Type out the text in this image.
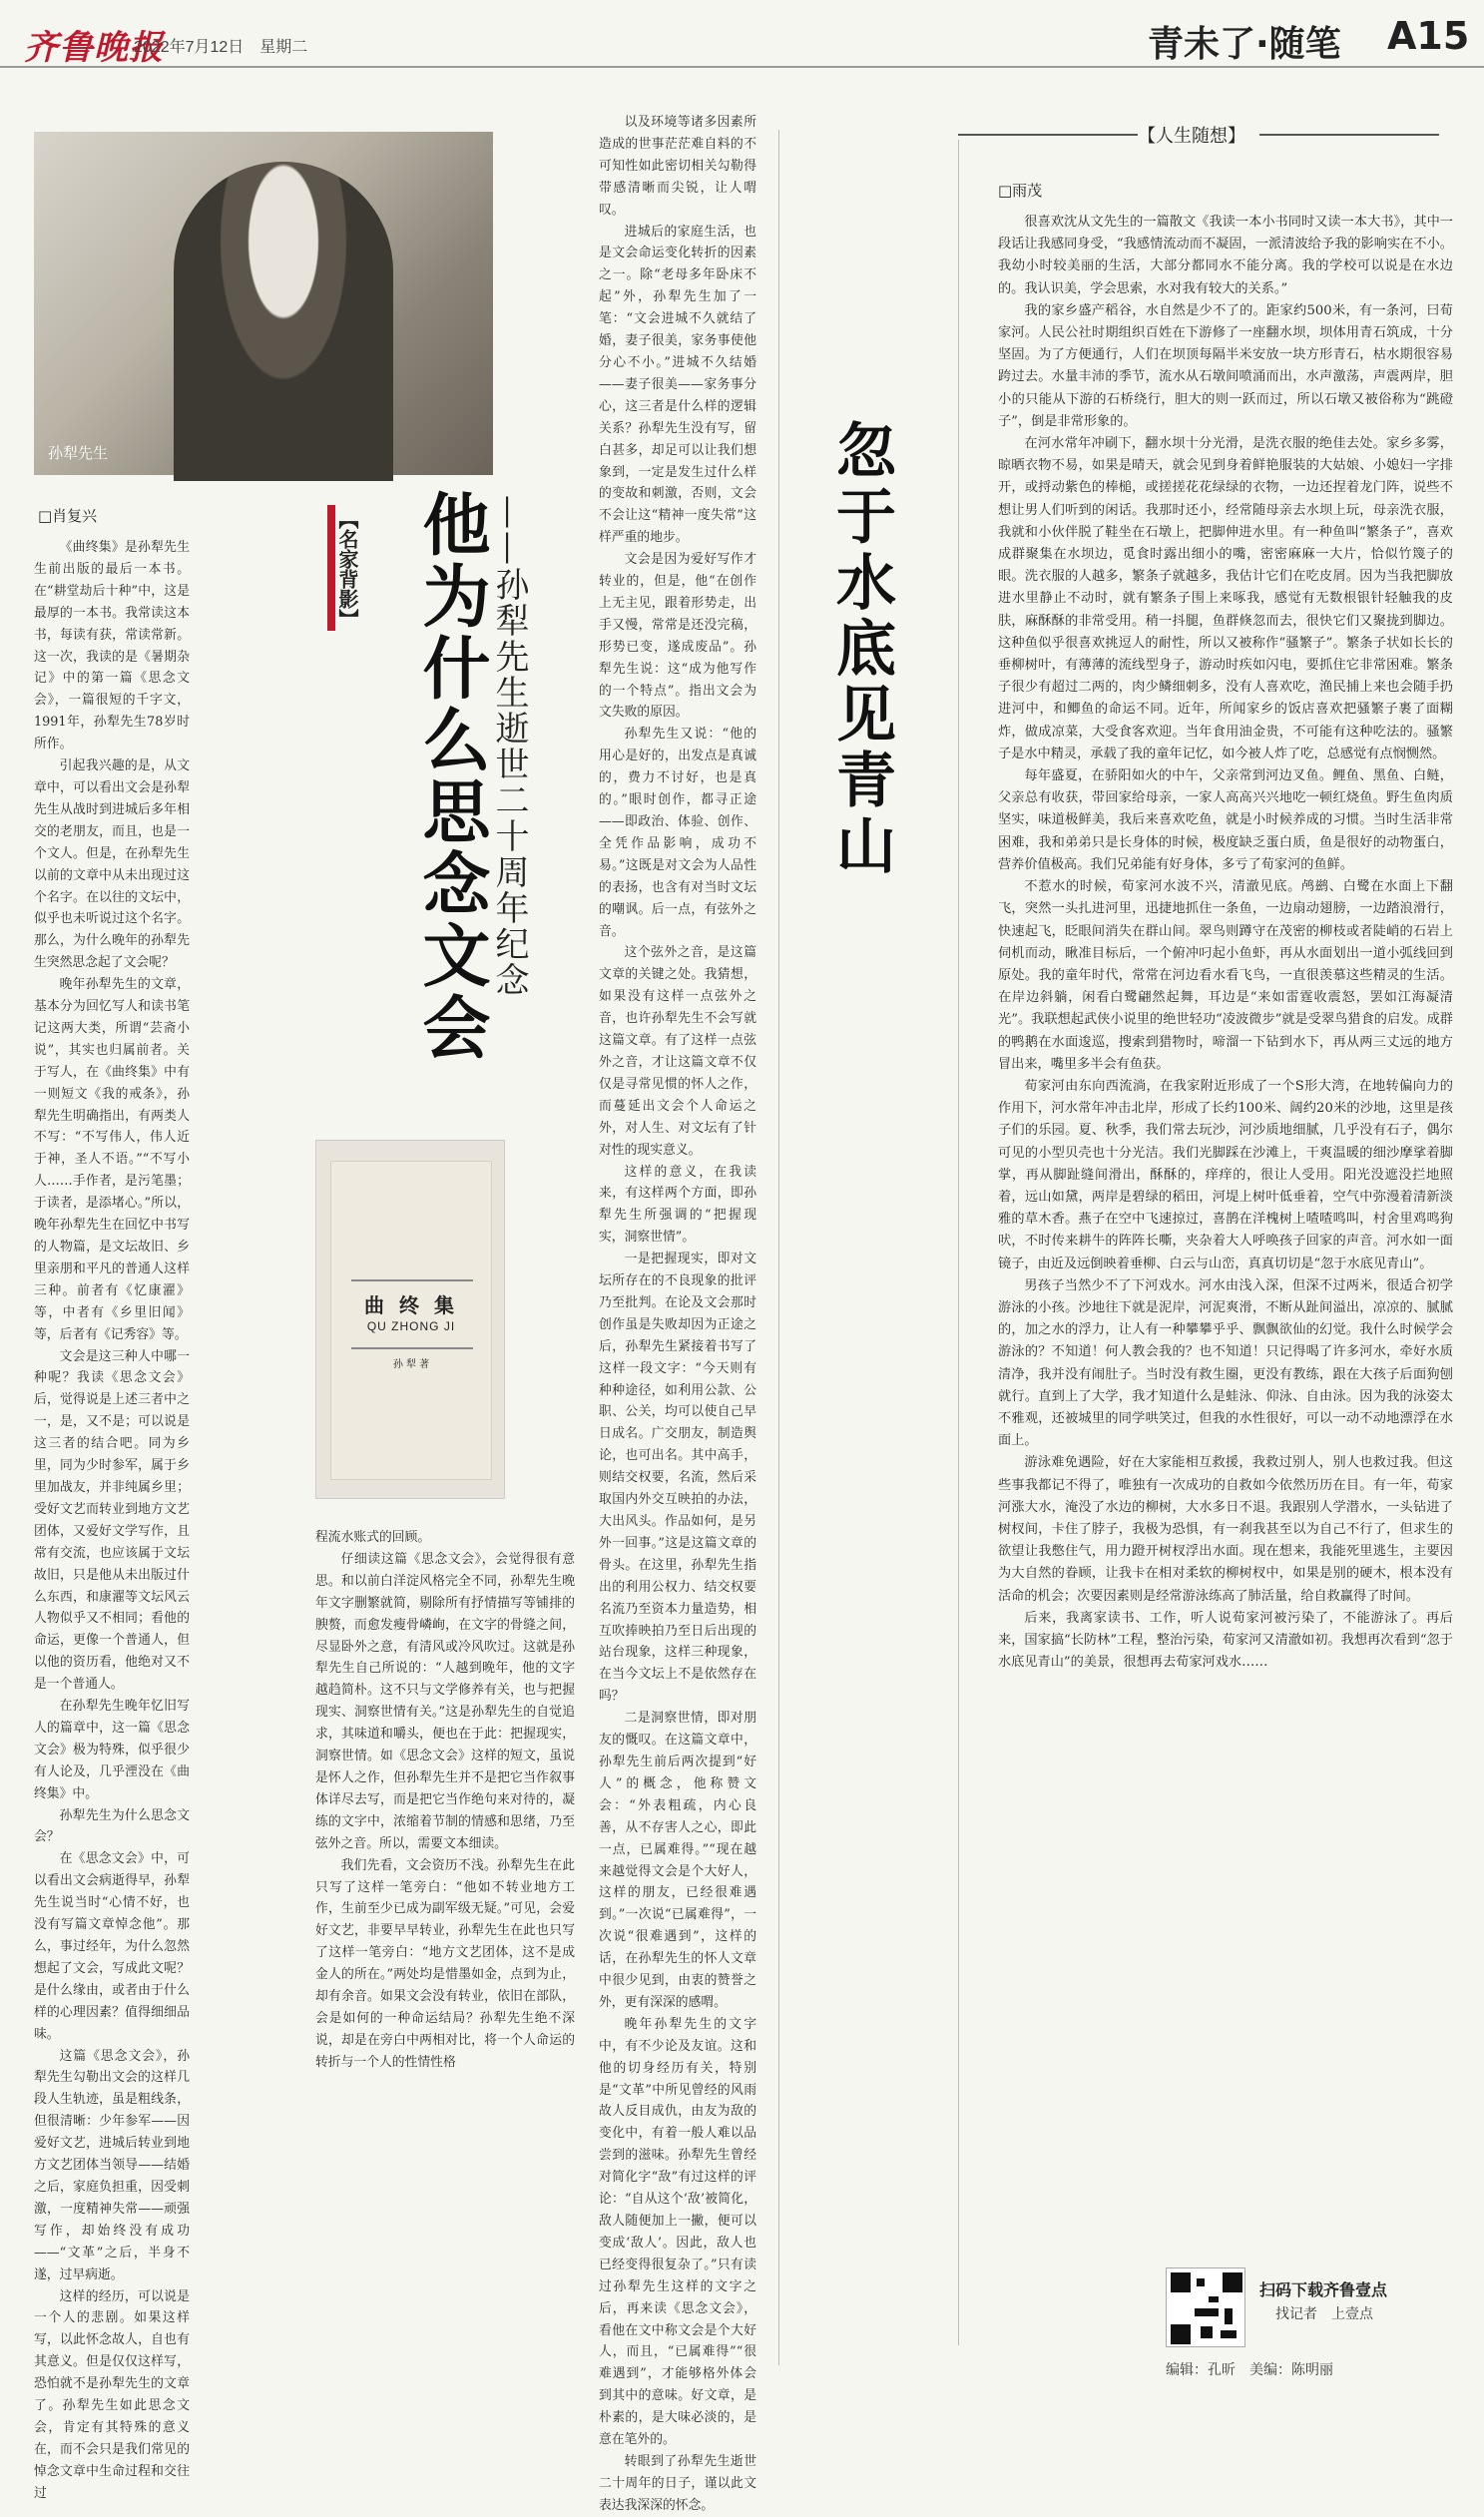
齐鲁晚报
2022年7月12日　星期二	青未了·随笔 A15
孙犁先生
□肖复兴

《曲终集》是孙犁先生生前出版的最后一本书。在“耕堂劫后十种”中，这是最厚的一本书。我常读这本书，每读有获，常读常新。这一次，我读的是《暑期杂记》中的第一篇《思念文会》，一篇很短的千字文，1991年，孙犁先生78岁时所作。

引起我兴趣的是，从文章中，可以看出文会是孙犁先生从战时到进城后多年相交的老朋友，而且，也是一个文人。但是，在孙犁先生以前的文章中从未出现过这个名字。在以往的文坛中，似乎也未听说过这个名字。那么，为什么晚年的孙犁先生突然思念起了文会呢？

晚年孙犁先生的文章，基本分为回忆写人和读书笔记这两大类，所谓“芸斋小说”，其实也归属前者。关于写人，在《曲终集》中有一则短文《我的戒条》，孙犁先生明确指出，有两类人不写：“不写伟人，伟人近于神，圣人不语。”“不写小人……手作者，是污笔墨；于读者，是添堵心。”所以，晚年孙犁先生在回忆中书写的人物篇，是文坛故旧、乡里亲朋和平凡的普通人这样三种。前者有《忆康濯》等，中者有《乡里旧闻》等，后者有《记秀容》等。

文会是这三种人中哪一种呢？我读《思念文会》后，觉得说是上述三者中之一，是，又不是；可以说是这三者的结合吧。同为乡里，同为少时参军，属于乡里加战友，并非纯属乡里；受好文艺而转业到地方文艺团体，又爱好文学写作，且常有交流，也应该属于文坛故旧，只是他从未出版过什么东西，和康濯等文坛风云人物似乎又不相同；看他的命运，更像一个普通人，但以他的资历看，他绝对又不是一个普通人。

在孙犁先生晚年忆旧写人的篇章中，这一篇《思念文会》极为特殊，似乎很少有人论及，几乎湮没在《曲终集》中。

孙犁先生为什么思念文会？

在《思念文会》中，可以看出文会病逝得早，孙犁先生说当时“心情不好，也没有写篇文章悼念他”。那么，事过经年，为什么忽然想起了文会，写成此文呢？是什么缘由，或者由于什么样的心理因素？值得细细品味。

这篇《思念文会》，孙犁先生勾勒出文会的这样几段人生轨迹，虽是粗线条，但很清晰：少年参军——因爱好文艺，进城后转业到地方文艺团体当领导——结婚之后，家庭负担重，因受刺激，一度精神失常——顽强写作，却始终没有成功——“文革”之后，半身不遂，过早病逝。

这样的经历，可以说是一个人的悲剧。如果这样写，以此怀念故人，自也有其意义。但是仅仅这样写，恐怕就不是孙犁先生的文章了。孙犁先生如此思念文会，肯定有其特殊的意义在，而不会只是我们常见的悼念文章中生命过程和交往过

【名家背影】 他为什么思念文会
——孙犁先生逝世二十周年纪念
曲 终 集
QU ZHONG JI
孙 犁 著

程流水账式的回顾。

仔细读这篇《思念文会》，会觉得很有意思。和以前白洋淀风格完全不同，孙犁先生晚年文字删繁就简，剔除所有抒情描写等铺排的腴赘，而愈发瘦骨嶙峋，在文字的骨缝之间，尽显卧外之意，有清风或冷风吹过。这就是孙犁先生自己所说的：“人越到晚年，他的文字越趋简朴。这不只与文学修养有关，也与把握现实、洞察世情有关。”这是孙犁先生的自觉追求，其味道和嚼头，便也在于此：把握现实，洞察世情。如《思念文会》这样的短文，虽说是怀人之作，但孙犁先生并不是把它当作叙事体详尽去写，而是把它当作绝句来对待的，凝练的文字中，浓缩着节制的情感和思绪，乃至弦外之音。所以，需要文本细读。

我们先看，文会资历不浅。孙犁先生在此只写了这样一笔旁白：“他如不转业地方工作，生前至少已成为副军级无疑。”可见，会爱好文艺，非要早早转业，孙犁先生在此也只写了这样一笔旁白：“地方文艺团体，这不是成金人的所在。”两处均是惜墨如金，点到为止，却有余音。如果文会没有转业，依旧在部队，会是如何的一种命运结局？孙犁先生绝不深说，却是在旁白中两相对比，将一个人命运的转折与一个人的性情性格

以及环境等诸多因素所造成的世事茫茫难自料的不可知性如此密切相关勾勒得带感清晰而尖锐，让人喟叹。

进城后的家庭生活，也是文会命运变化转折的因素之一。除“老母多年卧床不起”外，孙犁先生加了一笔：“文会进城不久就结了婚，妻子很美，家务事使他分心不小。”进城不久结婚——妻子很美——家务事分心，这三者是什么样的逻辑关系？孙犁先生没有写，留白甚多，却足可以让我们想象到，一定是发生过什么样的变故和刺激，否则，文会不会让这“精神一度失常”这样严重的地步。

文会是因为爱好写作才转业的，但是，他“在创作上无主见，跟着形势走，出手又慢，常常是还没完稿，形势已变，遂成废品”。孙犁先生说：这“成为他写作的一个特点”。指出文会为文失败的原因。

孙犁先生又说：“他的用心是好的，出发点是真诚的，费力不讨好，也是真的。”眼时创作，都寻正途——即政治、体验、创作、全凭作品影响，成功不易。”这既是对文会为人品性的表扬，也含有对当时文坛的嘲讽。后一点，有弦外之音。

这个弦外之音，是这篇文章的关键之处。我猜想，如果没有这样一点弦外之音，也许孙犁先生不会写就这篇文章。有了这样一点弦外之音，才让这篇文章不仅仅是寻常见惯的怀人之作，而蔓延出文会个人命运之外，对人生、对文坛有了针对性的现实意义。

这样的意义，在我读来，有这样两个方面，即孙犁先生所强调的“把握现实，洞察世情”。

一是把握现实，即对文坛所存在的不良现象的批评乃至批判。在论及文会那时创作虽是失败却因为正途之后，孙犁先生紧接着书写了这样一段文字：“今天则有种种途径，如利用公款、公职、公关，均可以使自己早日成名。广交朋友，制造舆论，也可出名。其中高手，则结交权要，名流，然后采取国内外交互映拍的办法，大出风头。作品如何，是另外一回事。”这是这篇文章的骨头。在这里，孙犁先生指出的利用公权力、结交权要名流乃至资本力量造势，相互吹捧映拍乃至日后出现的站台现象，这样三种现象，在当今文坛上不是依然存在吗？

二是洞察世情，即对朋友的慨叹。在这篇文章中，孙犁先生前后两次提到“好人”的概念，他称赞文会：“外表粗疏，内心良善，从不存害人之心，即此一点，已属难得。”“现在越来越觉得文会是个大好人，这样的朋友，已经很难遇到。”一次说“已属难得”，一次说“很难遇到”，这样的话，在孙犁先生的怀人文章中很少见到，由衷的赞誉之外，更有深深的感喟。

晚年孙犁先生的文字中，有不少论及友谊。这和他的切身经历有关，特别是“文革”中所见曾经的风雨故人反目成仇，由友为敌的变化中，有着一般人难以品尝到的滋味。孙犁先生曾经对简化字“敌”有过这样的评论：“自从这个‘敌’被简化，敌人随便加上一撇，便可以变成‘敌人’。因此，敌人也已经变得很复杂了。”只有读过孙犁先生这样的文字之后，再来读《思念文会》，看他在文中称文会是个大好人，而且，“已属难得”“很难遇到”，才能够格外体会到其中的意味。好文章，是朴素的，是大味必淡的，是意在笔外的。

转眼到了孙犁先生逝世二十周年的日子，谨以此文表达我深深的怀念。

【人生随想】
忽于水底见青山
□雨茂

很喜欢沈从文先生的一篇散文《我读一本小书同时又读一本大书》，其中一段话让我感同身受，“我感情流动而不凝固，一派清波给予我的影响实在不小。我幼小时较美丽的生活，大部分都同水不能分离。我的学校可以说是在水边的。我认识美，学会思索，水对我有较大的关系。”

我的家乡盛产稻谷，水自然是少不了的。距家约500米，有一条河，曰荀家河。人民公社时期组织百姓在下游修了一座翻水坝，坝体用青石筑成，十分坚固。为了方便通行，人们在坝顶每隔半米安放一块方形青石，枯水期很容易跨过去。水量丰沛的季节，流水从石墩间喷涌而出，水声激荡，声震两岸，胆小的只能从下游的石桥绕行，胆大的则一跃而过，所以石墩又被俗称为“跳磴子”，倒是非常形象的。

在河水常年冲刷下，翻水坝十分光滑，是洗衣服的绝佳去处。家乡多雾，晾晒衣物不易，如果是晴天，就会见到身着鲜艳服装的大姑娘、小媳妇一字排开，或捋动紫色的棒槌，或搓搓花花绿绿的衣物，一边还捏着龙门阵，说些不想让男人们听到的闲话。我那时还小，经常随母亲去水坝上玩，母亲洗衣服，我就和小伙伴脱了鞋坐在石墩上，把脚伸进水里。有一种鱼叫“繁条子”，喜欢成群聚集在水坝边，觅食时露出细小的嘴，密密麻麻一大片，恰似竹篾子的眼。洗衣服的人越多，繁条子就越多，我估计它们在吃皮屑。因为当我把脚放进水里静止不动时，就有繁条子围上来啄我，感觉有无数根银针轻触我的皮肤，麻酥酥的非常受用。稍一抖腿，鱼群倏忽而去，很快它们又聚拢到脚边。这种鱼似乎很喜欢挑逗人的耐性，所以又被称作“骚繁子”。繁条子状如长长的垂柳树叶，有薄薄的流线型身子，游动时疾如闪电，要抓住它非常困难。繁条子很少有超过二两的，肉少鳞细刺多，没有人喜欢吃，渔民捕上来也会随手扔进河中，和鲫鱼的命运不同。近年，所闻家乡的饭店喜欢把骚繁子裹了面糊炸，做成凉菜，大受食客欢迎。当年食用油金贵，不可能有这种吃法的。骚繁子是水中精灵，承载了我的童年记忆，如今被人炸了吃，总感觉有点悯恻然。

每年盛夏，在骄阳如火的中午，父亲常到河边叉鱼。鲤鱼、黑鱼、白鲢，父亲总有收获，带回家给母亲，一家人高高兴兴地吃一顿红烧鱼。野生鱼肉质坚实，味道极鲜美，我后来喜欢吃鱼，就是小时候养成的习惯。当时生活非常困难，我和弟弟只是长身体的时候，极度缺乏蛋白质，鱼是很好的动物蛋白，营养价值极高。我们兄弟能有好身体，多亏了荀家河的鱼鲜。

不惹水的时候，荀家河水波不兴，清澈见底。鸬鹚、白鹭在水面上下翻飞，突然一头扎进河里，迅捷地抓住一条鱼，一边扇动翅膀，一边踏浪滑行，快速起飞，眨眼间消失在群山间。翠鸟则蹲守在茂密的柳枝或者陡峭的石岩上伺机而动，瞅准目标后，一个俯冲叼起小鱼虾，再从水面划出一道小弧线回到原处。我的童年时代，常常在河边看水看飞鸟，一直很羡慕这些精灵的生活。在岸边斜躺，闲看白鹭翩然起舞，耳边是“来如雷霆收震怒，罢如江海凝清光”。我联想起武侠小说里的绝世轻功“凌波微步”就是受翠鸟猎食的启发。成群的鸭鹅在水面逡巡，搜索到猎物时，啼溜一下钻到水下，再从两三丈远的地方冒出来，嘴里多半会有鱼获。

荀家河由东向西流淌，在我家附近形成了一个S形大湾，在地转偏向力的作用下，河水常年冲击北岸，形成了长约100米、阔约20米的沙地，这里是孩子们的乐园。夏、秋季，我们常去玩沙，河沙质地细腻，几乎没有石子，偶尔可见的小型贝壳也十分光洁。我们光脚踩在沙滩上，干爽温暖的细沙摩挲着脚掌，再从脚趾缝间滑出，酥酥的，痒痒的，很让人受用。阳光没遮没拦地照着，远山如黛，两岸是碧绿的稻田，河堤上树叶低垂着，空气中弥漫着清新淡雅的草木香。燕子在空中飞速掠过，喜鹊在洋槐树上喳喳鸣叫，村舍里鸡鸣狗吠，不时传来耕牛的阵阵长嘶，夹杂着大人呼唤孩子回家的声音。河水如一面镜子，由近及远倒映着垂柳、白云与山峦，真真切切是“忽于水底见青山”。

男孩子当然少不了下河戏水。河水由浅入深，但深不过两米，很适合初学游泳的小孩。沙地往下就是泥岸，河泥爽滑，不断从趾间溢出，凉凉的、腻腻的，加之水的浮力，让人有一种攀攀乎乎、飘飘欲仙的幻觉。我什么时候学会游泳的？不知道！何人教会我的？也不知道！只记得喝了许多河水，牵好水质清净，我并没有闹肚子。当时没有救生圈，更没有教练，跟在大孩子后面狗刨就行。直到上了大学，我才知道什么是蛙泳、仰泳、自由泳。因为我的泳姿太不雅观，还被城里的同学哄笑过，但我的水性很好，可以一动不动地漂浮在水面上。

游泳难免遇险，好在大家能相互救援，我救过别人，别人也救过我。但这些事我都记不得了，唯独有一次成功的自救如今依然历历在目。有一年，荀家河涨大水，淹没了水边的柳树，大水多日不退。我跟别人学潜水，一头钻进了树杈间，卡住了脖子，我极为恐惧，有一刹我甚至以为自己不行了，但求生的欲望让我憋住气，用力蹬开树杈浮出水面。现在想来，我能死里逃生，主要因为大自然的眷顾，让我卡在相对柔软的柳树杈中，如果是别的硬木，根本没有活命的机会；次要因素则是经常游泳练高了肺活量，给自救赢得了时间。

后来，我离家读书、工作，听人说荀家河被污染了，不能游泳了。再后来，国家搞“长防林”工程，整治污染，荀家河又清澈如初。我想再次看到“忽于水底见青山”的美景，很想再去荀家河戏水……

扫码下载齐鲁壹点
找记者　上壹点
编辑：孔昕　美编：陈明丽
